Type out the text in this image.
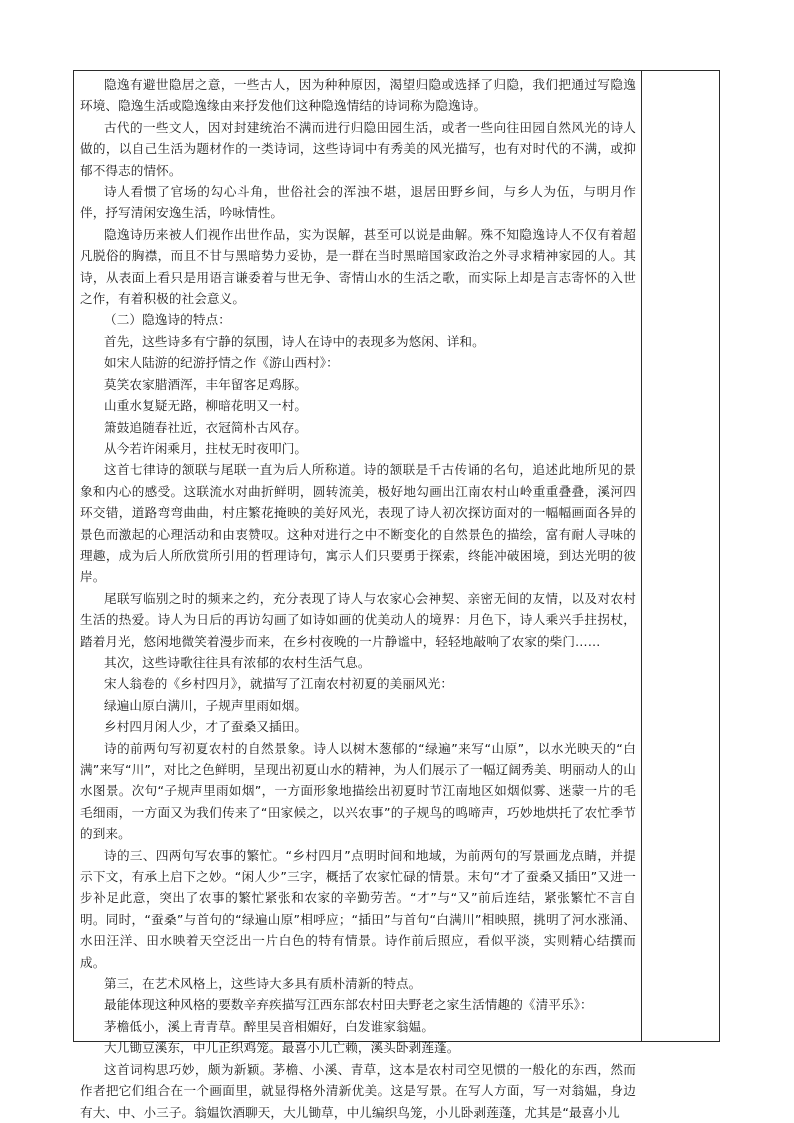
隐逸有避世隐居之意，一些古人，因为种种原因，渴望归隐或选择了归隐，我们把通过写隐逸环境、隐逸生活或隐逸缘由来抒发他们这种隐逸情结的诗词称为隐逸诗。

古代的一些文人，因对封建统治不满而进行归隐田园生活，或者一些向往田园自然风光的诗人做的，以自己生活为题材作的一类诗词，这些诗词中有秀美的风光描写，也有对时代的不满，或抑郁不得志的情怀。

诗人看惯了官场的勾心斗角，世俗社会的浑浊不堪，退居田野乡间，与乡人为伍，与明月作伴，抒写清闲安逸生活，吟咏情性。

隐逸诗历来被人们视作出世作品，实为误解，甚至可以说是曲解。殊不知隐逸诗人不仅有着超凡脱俗的胸襟，而且不甘与黑暗势力妥协，是一群在当时黑暗国家政治之外寻求精神家园的人。其诗，从表面上看只是用语言谦委着与世无争、寄情山水的生活之歌，而实际上却是言志寄怀的入世之作，有着积极的社会意义。

（二）隐逸诗的特点：

首先，这些诗多有宁静的氛围，诗人在诗中的表现多为悠闲、详和。

如宋人陆游的纪游抒情之作《游山西村》：

莫笑农家腊酒浑，丰年留客足鸡豚。

山重水复疑无路，柳暗花明又一村。

箫鼓追随春社近，衣冠简朴古风存。

从今若许闲乘月，拄杖无时夜叩门。

这首七律诗的颔联与尾联一直为后人所称道。诗的颔联是千古传诵的名句，追述此地所见的景象和内心的感受。这联流水对曲折鲜明，圆转流美，极好地勾画出江南农村山岭重重叠叠，溪河四环交错，道路弯弯曲曲，村庄繁花掩映的美好风光，表现了诗人初次探访面对的一幅幅画面各异的景色而激起的心理活动和由衷赞叹。这种对进行之中不断变化的自然景色的描绘，富有耐人寻味的理趣，成为后人所欣赏所引用的哲理诗句，寓示人们只要勇于探索，终能冲破困境，到达光明的彼岸。

尾联写临别之时的频来之约，充分表现了诗人与农家心会神契、亲密无间的友情，以及对农村生活的热爱。诗人为日后的再访勾画了如诗如画的优美动人的境界：月色下，诗人乘兴手拄拐杖，踏着月光，悠闲地微笑着漫步而来，在乡村夜晚的一片静谧中，轻轻地敲响了农家的柴门……

其次，这些诗歌往往具有浓郁的农村生活气息。

宋人翁卷的《乡村四月》，就描写了江南农村初夏的美丽风光：

绿遍山原白满川，子规声里雨如烟。

乡村四月闲人少，才了蚕桑又插田。

诗的前两句写初夏农村的自然景象。诗人以树木葱郁的“绿遍”来写“山原”，以水光映天的“白满”来写“川”，对比之色鲜明，呈现出初夏山水的精神，为人们展示了一幅辽阔秀美、明丽动人的山水图景。次句“子规声里雨如烟”，一方面形象地描绘出初夏时节江南地区如烟似雾、迷蒙一片的毛毛细雨，一方面又为我们传来了“田家候之，以兴农事”的子规鸟的鸣啼声，巧妙地烘托了农忙季节的到来。

诗的三、四两句写农事的繁忙。“乡村四月”点明时间和地域，为前两句的写景画龙点睛，并提示下文，有承上启下之妙。“闲人少”三字，概括了农家忙碌的情景。末句“才了蚕桑又插田”又进一步补足此意，突出了农事的繁忙紧张和农家的辛勤劳苦。“才”与“又”前后连结，紧张繁忙不言自明。同时，“蚕桑”与首句的“绿遍山原”相呼应；“插田”与首句“白满川”相映照，挑明了河水涨涌、水田汪洋、田水映着天空泛出一片白色的特有情景。诗作前后照应，看似平淡，实则精心结撰而成。

第三，在艺术风格上，这些诗大多具有质朴清新的特点。

最能体现这种风格的要数辛弃疾描写江西东部农村田夫野老之家生活情趣的《清平乐》：

茅檐低小，溪上青青草。醉里吴音相媚好，白发谁家翁媪。

大儿锄豆溪东，中儿正织鸡笼。最喜小儿亡赖，溪头卧剥莲蓬。

这首词构思巧妙，颇为新颖。茅檐、小溪、青草，这本是农村司空见惯的一般化的东西，然而作者把它们组合在一个画面里，就显得格外清新优美。这是写景。在写人方面，写一对翁媪，身边有大、中、小三子。翁媪饮酒聊天，大儿锄草，中儿编织鸟笼，小儿卧剥莲蓬，尤其是“最喜小儿
